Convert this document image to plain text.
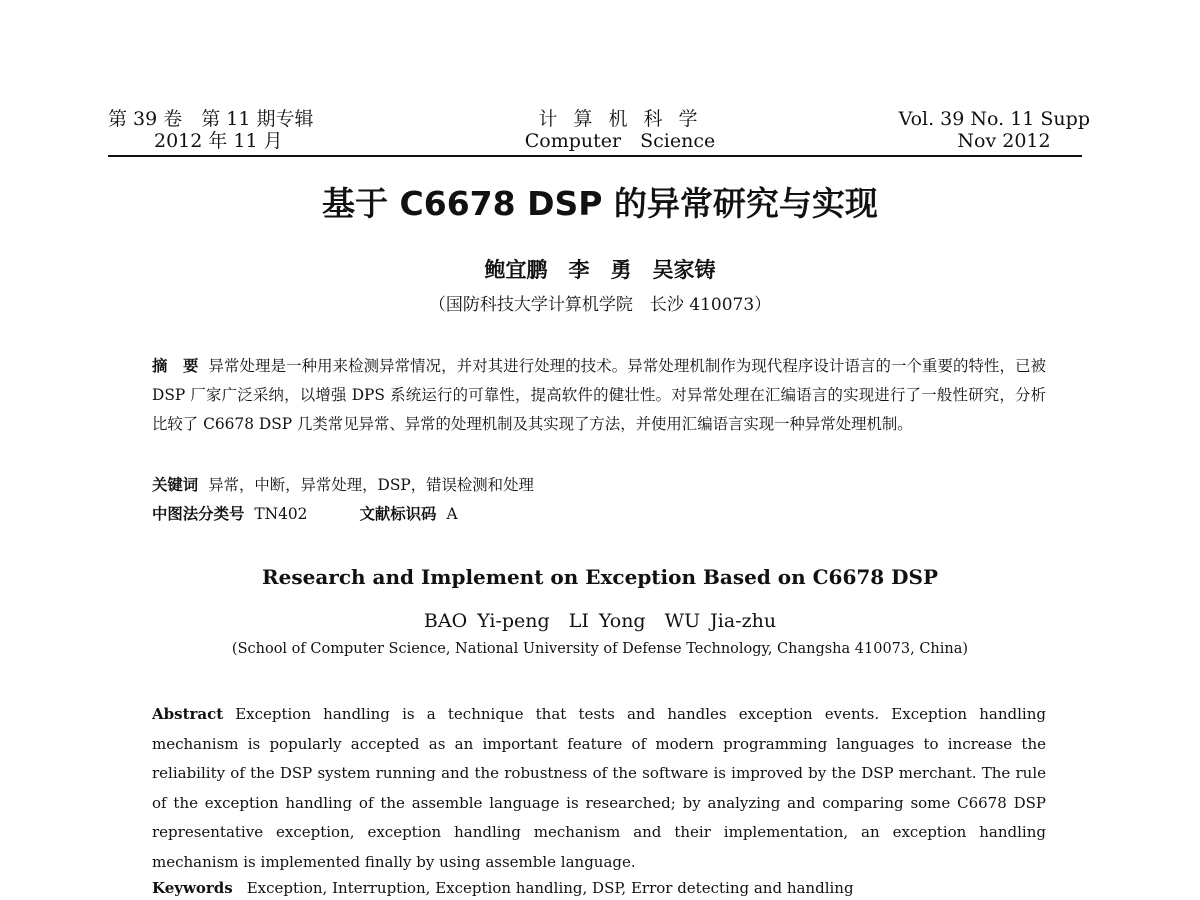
第 39 卷　第 11 期专辑
2012 年 11 月
计算机科学
Computer　Science
Vol. 39 No. 11 Supp
Nov 2012
基于 C6678 DSP 的异常研究与实现
鲍宜鹏　李　勇　吴家铸
（国防科技大学计算机学院　长沙 410073）
摘　要 异常处理是一种用来检测异常情况，并对其进行处理的技术。异常处理机制作为现代程序设计语言的一个重要的特性，已被 DSP 厂家广泛采纳，以增强 DPS 系统运行的可靠性，提高软件的健壮性。对异常处理在汇编语言的实现进行了一般性研究，分析比较了 C6678 DSP 几类常见异常、异常的处理机制及其实现了方法，并使用汇编语言实现一种异常处理机制。
关键词 异常，中断，异常处理，DSP，错误检测和处理
中图法分类号 TN402	文献标识码 A
Research and Implement on Exception Based on C6678 DSP
BAO Yi-peng　LI Yong　WU Jia-zhu
(School of Computer Science, National University of Defense Technology, Changsha 410073, China)
Abstract Exception handling is a technique that tests and handles exception events. Exception handling mechanism is popularly accepted as an important feature of modern programming languages to increase the reliability of the DSP system running and the robustness of the software is improved by the DSP merchant. The rule of the exception handling of the assemble language is researched; by analyzing and comparing some C6678 DSP representative exception, exception handling mechanism and their implementation, an exception handling mechanism is implemented finally by using assemble language.
Keywords Exception, Interruption, Exception handling, DSP, Error detecting and handling
